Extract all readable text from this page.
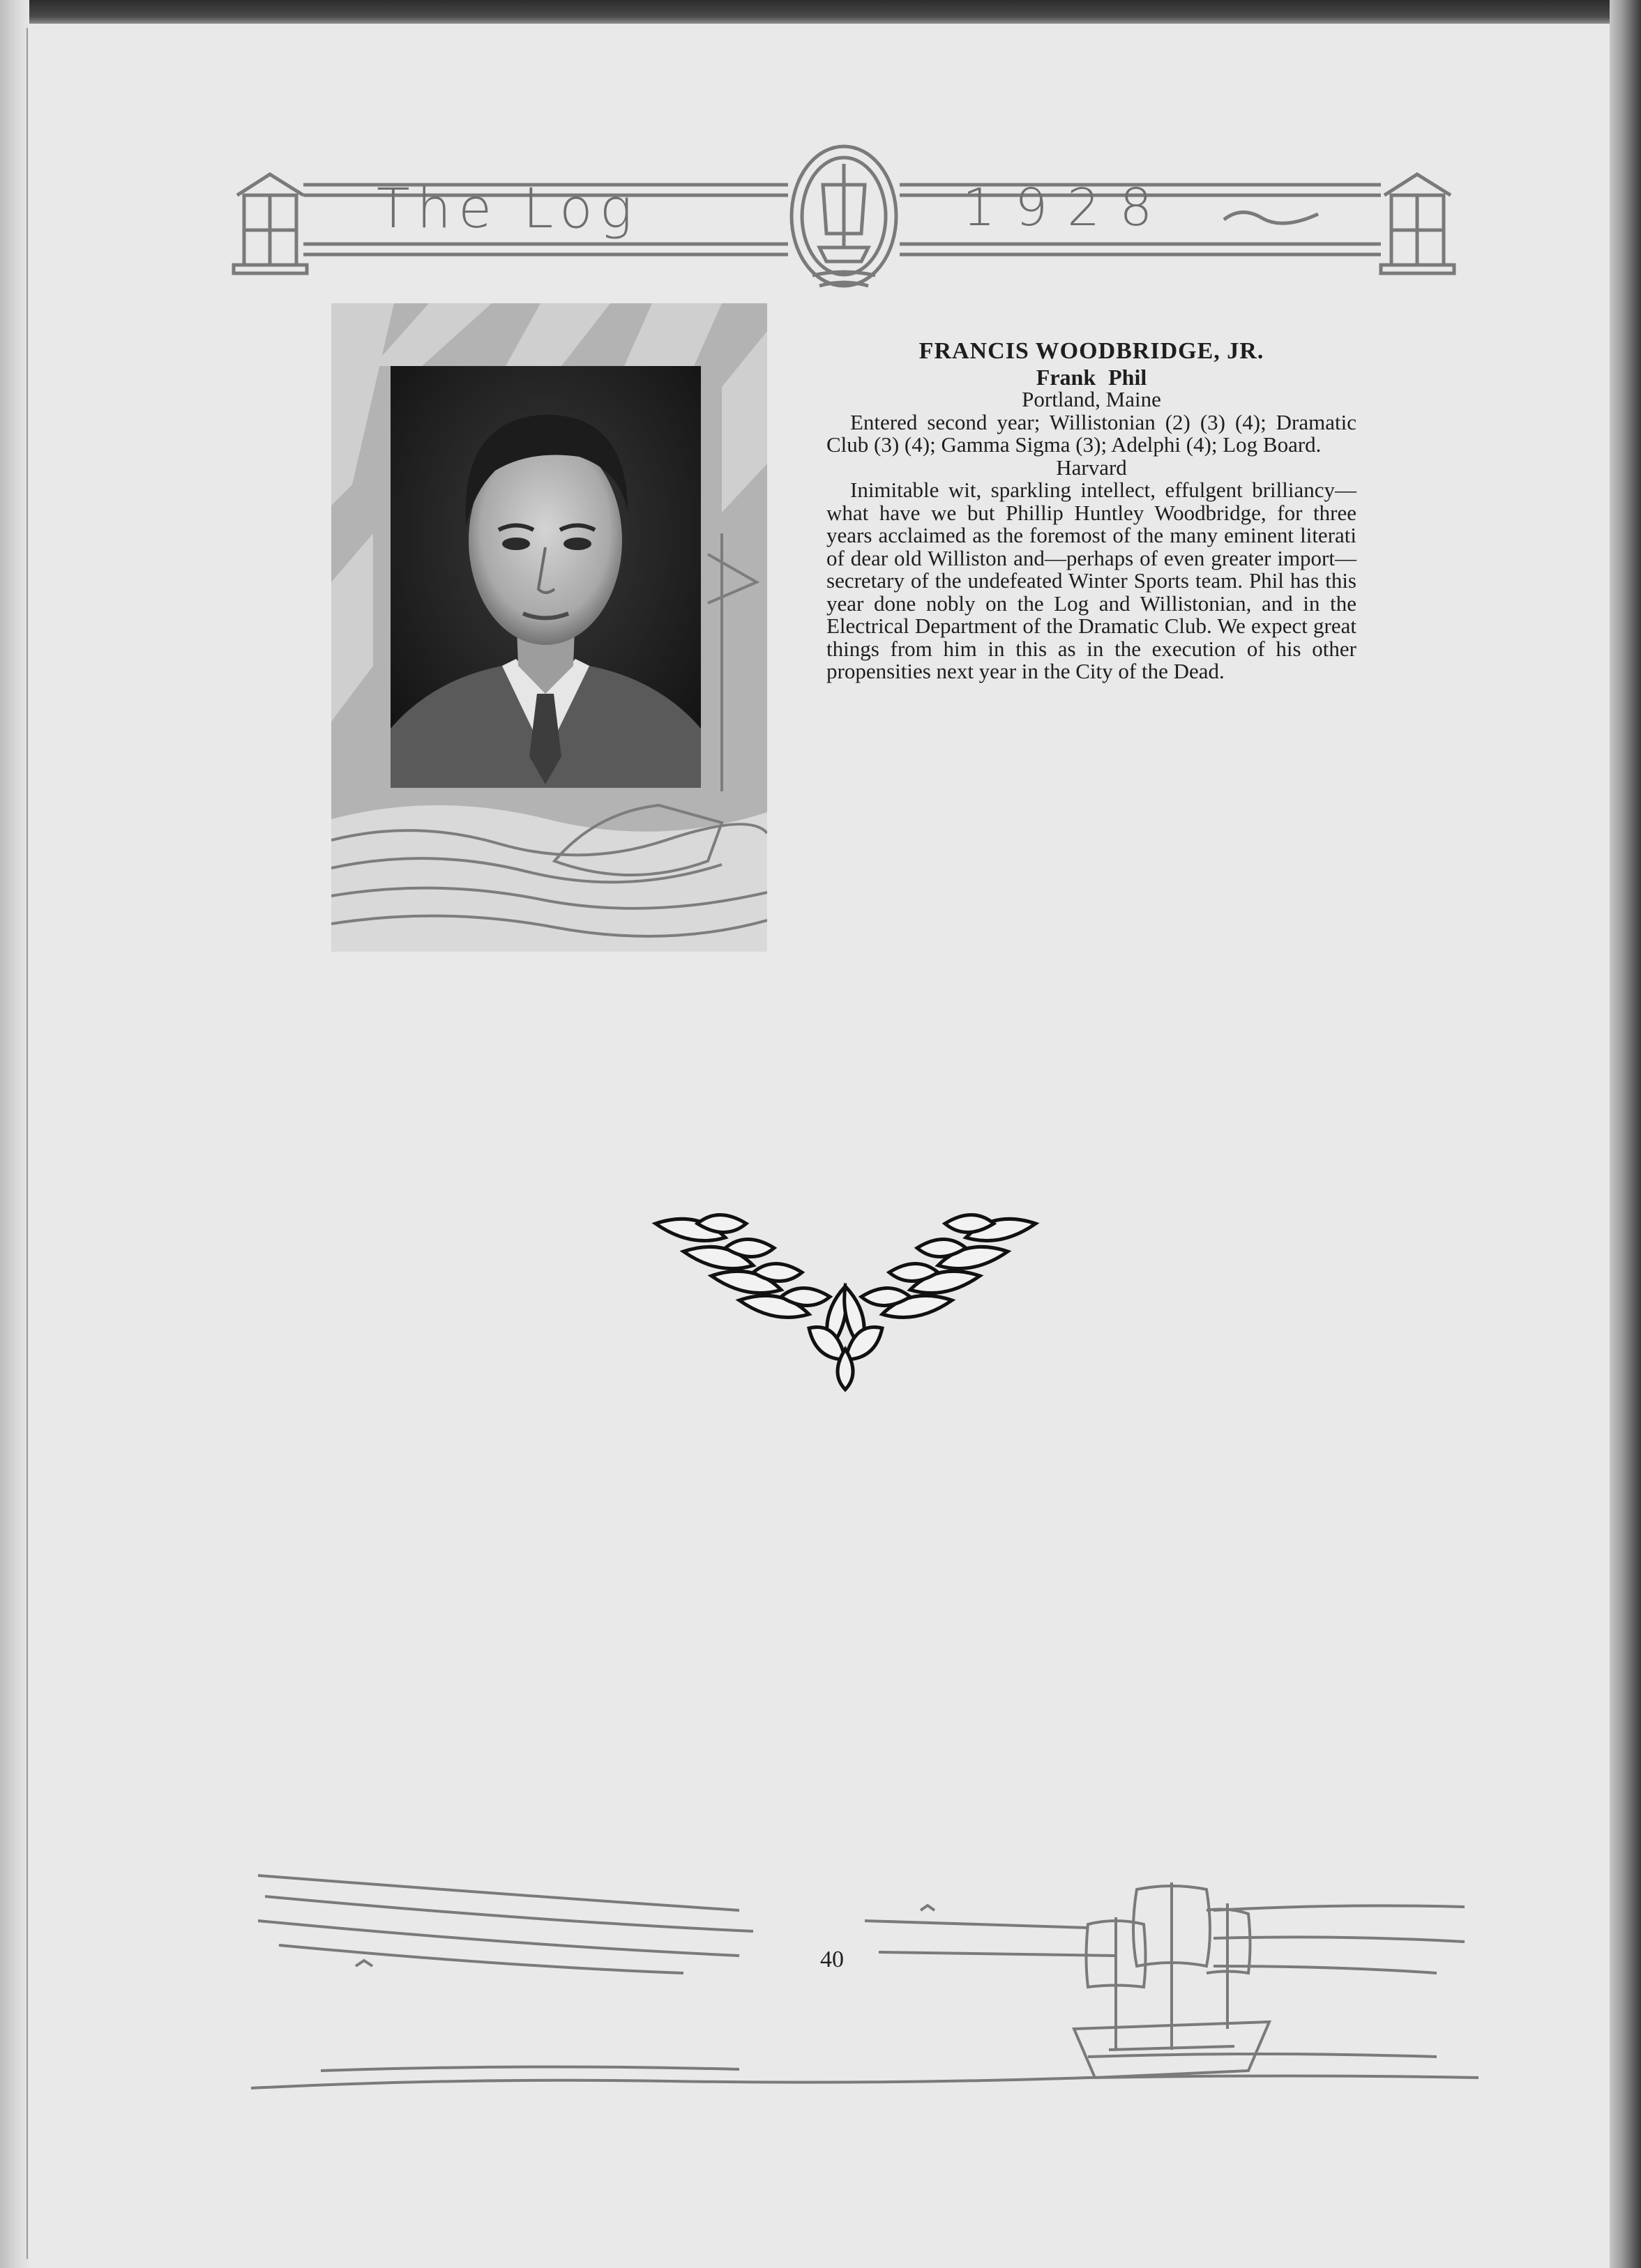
The Log	1928
FRANCIS WOODBRIDGE, JR.
Frank Phil
Portland, Maine
Entered second year; Willistonian (2) (3) (4); Dramatic Club (3) (4); Gamma Sigma (3); Adelphi (4); Log Board.
Harvard
Inimitable wit, sparkling intellect, effulgent brilliancy—what have we but Phillip Huntley Woodbridge, for three years acclaimed as the foremost of the many eminent literati of dear old Williston and—perhaps of even greater import—secretary of the undefeated Winter Sports team. Phil has this year done nobly on the Log and Willistonian, and in the Electrical Department of the Dramatic Club. We expect great things from him in this as in the execution of his other propensities next year in the City of the Dead.
40
